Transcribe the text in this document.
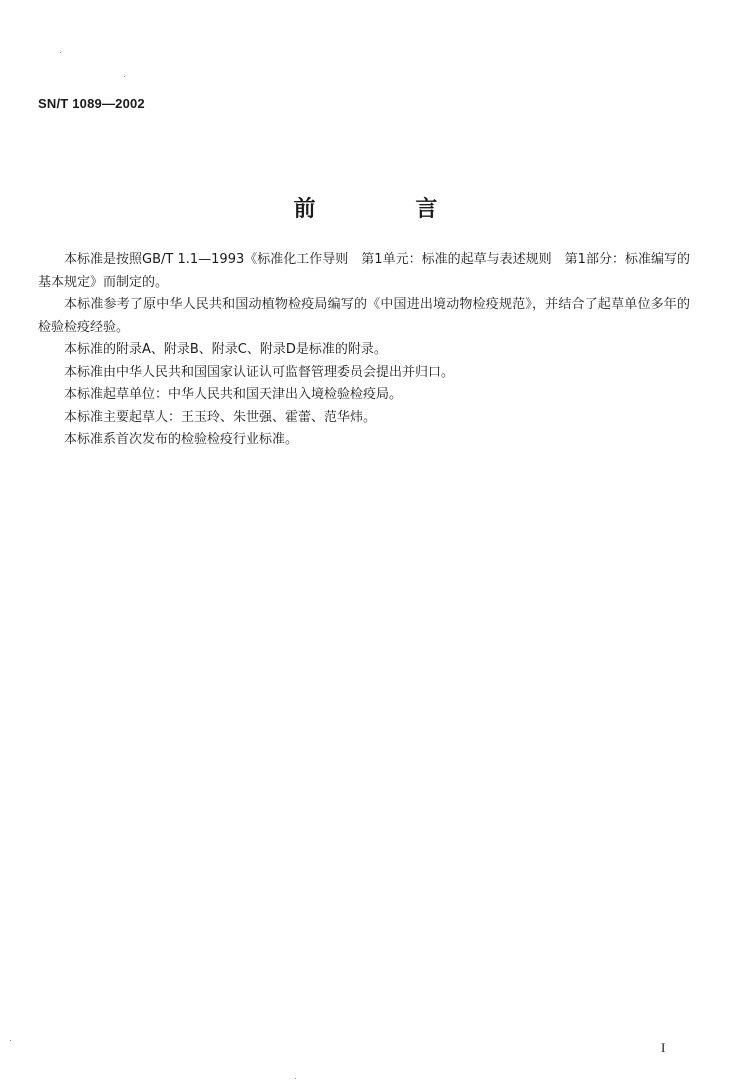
SN/T 1089—2002
前 言

本标准是按照GB/T 1.1—1993《标准化工作导则　第1单元：标准的起草与表述规则　第1部分：标准编写的基本规定》而制定的。

本标准参考了原中华人民共和国动植物检疫局编写的《中国进出境动物检疫规范》，并结合了起草单位多年的检验检疫经验。

本标准的附录A、附录B、附录C、附录D是标准的附录。

本标准由中华人民共和国国家认证认可监督管理委员会提出并归口。

本标准起草单位：中华人民共和国天津出入境检验检疫局。

本标准主要起草人：王玉玲、朱世强、霍蕾、范华炜。

本标准系首次发布的检验检疫行业标准。

I
